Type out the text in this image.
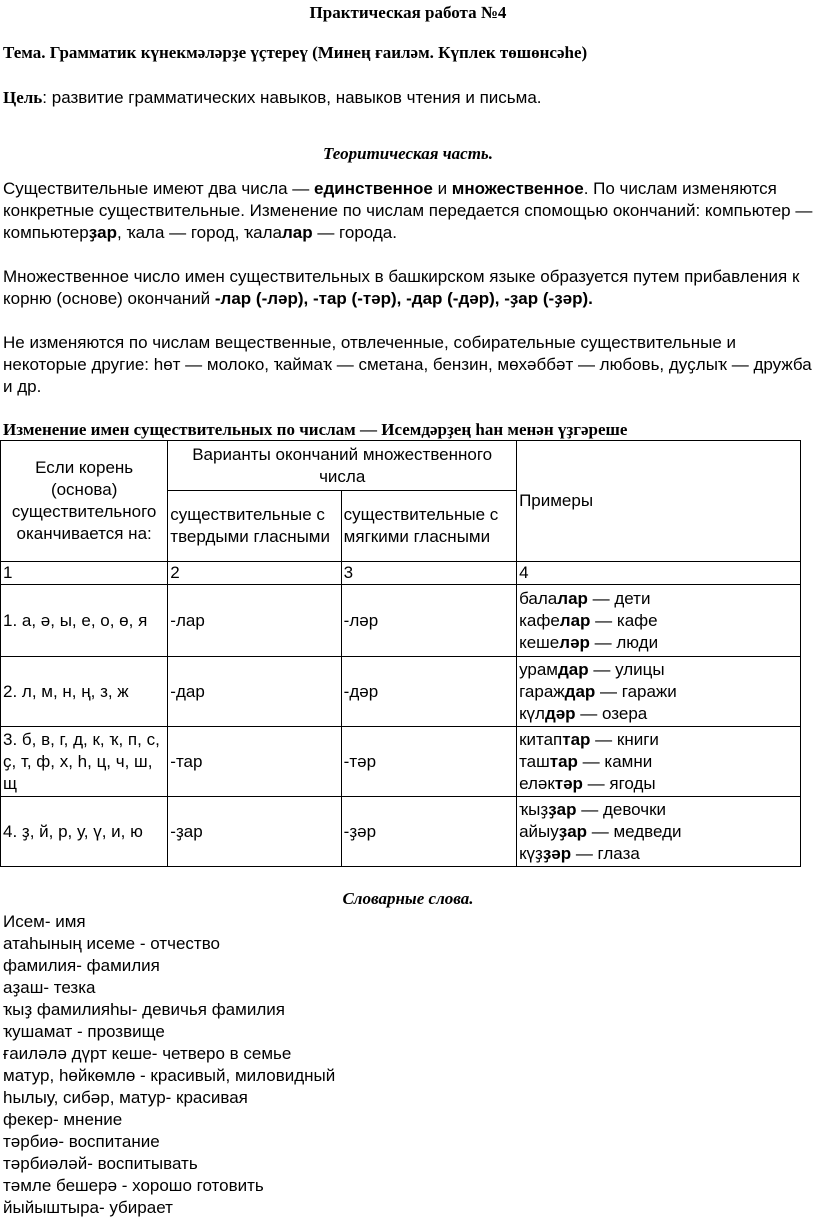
Практическая работа №4
Тема. Грамматик күнекмәләрҙе үҫтереү (Минең ғаиләм. Күплек төшөнсәһе)
Цель: развитие грамматических навыков, навыков чтения и письма.
Теоритическая часть.
Существительные имеют два числа — единственное и множественное. По числам изменяются конкретные существительные. Изменение по числам передается спомощью окончаний: компьютер — компьютерҙар, ҡала — город, ҡалалар — города.
Множественное число имен существительных в башкирском языке образуется путем прибавления к корню (основе) окончаний -лар (-ләр), -тар (-тәр), -дар (-дәр), -ҙар (-ҙәр).
Не изменяются по числам вещественные, отвлеченные, собирательные существительные и некоторые другие: һөт — молоко, ҡаймаҡ — сметана, бензин, мөхәббәт — любовь, дуҫлыҡ — дружба и др.
Изменение имен существительных по числам — Исемдәрҙең һан менән үҙгәреше
Если корень (основа) существительного оканчивается на:	Варианты окончаний множественного числа		Примеры
	существительные с твердыми гласными	существительные с мягкими гласными	
1	2	3	4
1. а, ә, ы, е, о, ө, я	-лар	-ләр	балалар — дети
кафелар — кафе
кешеләр — люди

2. л, м, н, ң, з, ж	-дар	-дәр	урамдар — улицы
гараждар — гаражи
күлдәр — озера

3. б, в, г, д, к, ҡ, п, с, ҫ, т, ф, х, һ, ц, ч, ш, щ	-тар	-тәр	китаптар — книги
таштар — камни
еләктәр — ягоды

4. ҙ, й, р, у, ү, и, ю	-ҙар	-ҙәр	ҡыҙҙар — девочки
айыуҙар — медведи
күҙҙәр — глаза
Словарные слова.
Исем- имя
атаһының исеме - отчество
фамилия- фамилия
аҙаш- тезка
ҡыҙ фамилияһы- девичья фамилия
ҡушамат - прозвище
ғаиләлә дүрт кеше- четверо в семье
матур, һөйкөмлө - красивый, миловидный
һылыу, сибәр, матур- красивая
фекер- мнение
тәрбиә- воспитание
тәрбиәләй- воспитывать
тәмле бешерә - хорошо готовить
йыйыштыра- убирает
